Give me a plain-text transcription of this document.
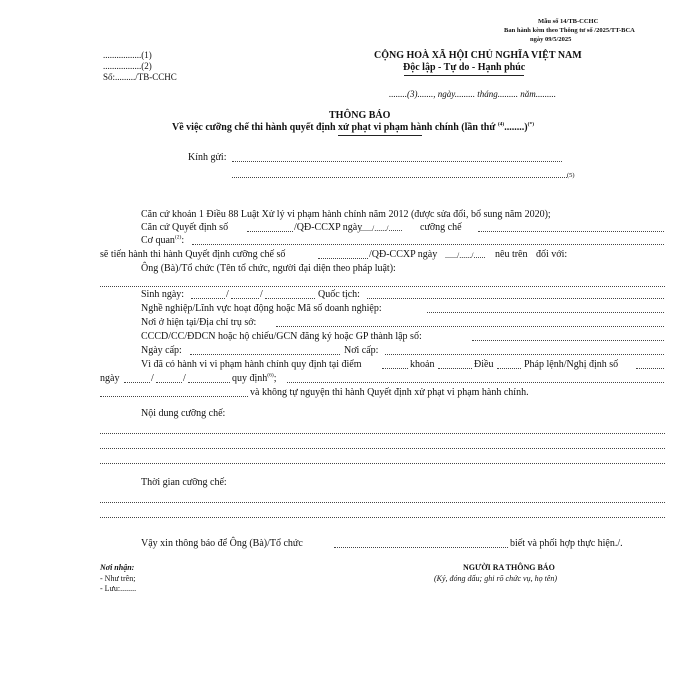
Mẫu số 14/TB-CCHC
Ban hành kèm theo Thông tư số /2025/TT-BCA
ngày 09/5/2025
.................(1)
.................(2)
Số:........./TB-CCHC
CỘNG HOÀ XÃ HỘI CHỦ NGHĨA VIỆT NAM
Độc lập - Tự do - Hạnh phúc
........(3)......., ngày......... tháng......... năm.........
THÔNG BÁO
Về việc cưỡng chế thi hành quyết định xử phạt vi phạm hành chính (lần thứ $^{(4)}$........)(*)
Kính gửi:
(5)
Căn cứ khoản 1 Điều 88 Luật Xử lý vi phạm hành chính năm 2012 (được sửa đổi, bổ sung năm 2020);
Căn cứ Quyết định số	/QĐ-CCXP ngày
....../....../....... cưỡng chế
Cơ quan$^{(2)}$:
sẽ tiến hành thi hành Quyết định cưỡng chế số	/QĐ-CCXP ngày ....../....../...... nêu trên đối với:
Ông (Bà)/Tổ chức (Tên tổ chức, người đại diện theo pháp luật):
Sinh ngày:	/	/	Quốc tịch:
Nghề nghiệp/Lĩnh vực hoạt động hoặc Mã số doanh nghiệp:
Nơi ở hiện tại/Địa chỉ trụ sở:
CCCD/CC/ĐDCN hoặc hộ chiếu/GCN đăng ký hoặc GP thành lập số:
Ngày cấp:	Nơi cấp:
Vì đã có hành vi vi phạm hành chính quy định tại điểm	khoản	Điều	Pháp lệnh/Nghị định số
ngày	/	/	quy định$^{(6)}$;
và không tự nguyện thi hành Quyết định xử phạt vi phạm hành chính.
Nội dung cưỡng chế:
Thời gian cưỡng chế:
Vậy xin thông báo để Ông (Bà)/Tổ chức	biết và phối hợp thực hiện./.
Nơi nhận:
- Như trên;
- Lưu:........
NGƯỜI RA THÔNG BÁO
(Ký, đóng dấu; ghi rõ chức vụ, họ tên)
